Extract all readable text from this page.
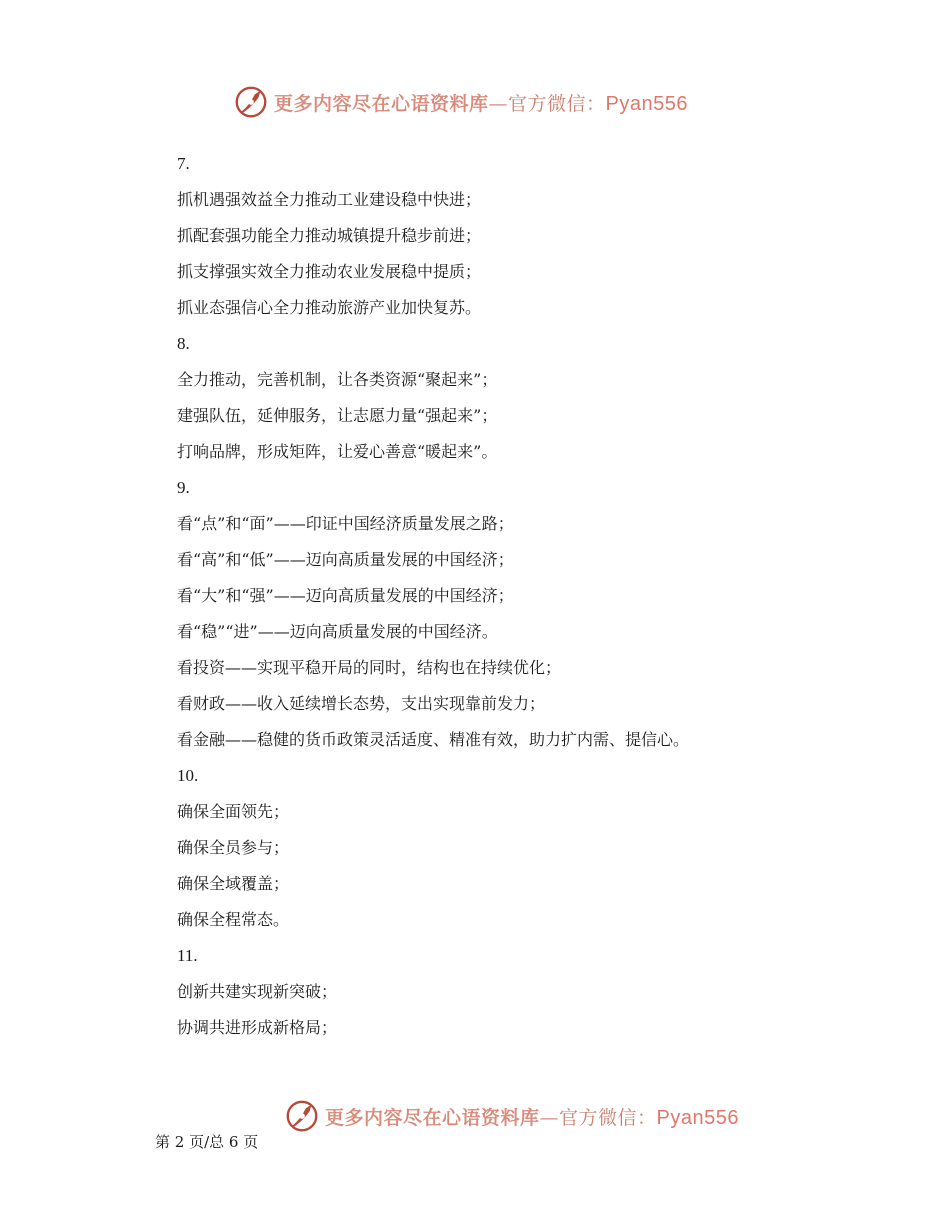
更多内容尽在心语资料库—官方微信：Pyan556
7.
抓机遇强效益全力推动工业建设稳中快进；
抓配套强功能全力推动城镇提升稳步前进；
抓支撑强实效全力推动农业发展稳中提质；
抓业态强信心全力推动旅游产业加快复苏。
8.
全力推动，完善机制，让各类资源“聚起来”；
建强队伍，延伸服务，让志愿力量“强起来”；
打响品牌，形成矩阵，让爱心善意“暖起来”。
9.
看“点”和“面”——印证中国经济质量发展之路；
看“高”和“低”——迈向高质量发展的中国经济；
看“大”和“强”——迈向高质量发展的中国经济；
看“稳”“进”——迈向高质量发展的中国经济。
看投资——实现平稳开局的同时，结构也在持续优化；
看财政——收入延续增长态势，支出实现靠前发力；
看金融——稳健的货币政策灵活适度、精准有效，助力扩内需、提信心。
10.
确保全面领先；
确保全员参与；
确保全域覆盖；
确保全程常态。
11.
创新共建实现新突破；
协调共进形成新格局；
更多内容尽在心语资料库—官方微信：Pyan556
第 2 页/总 6 页
